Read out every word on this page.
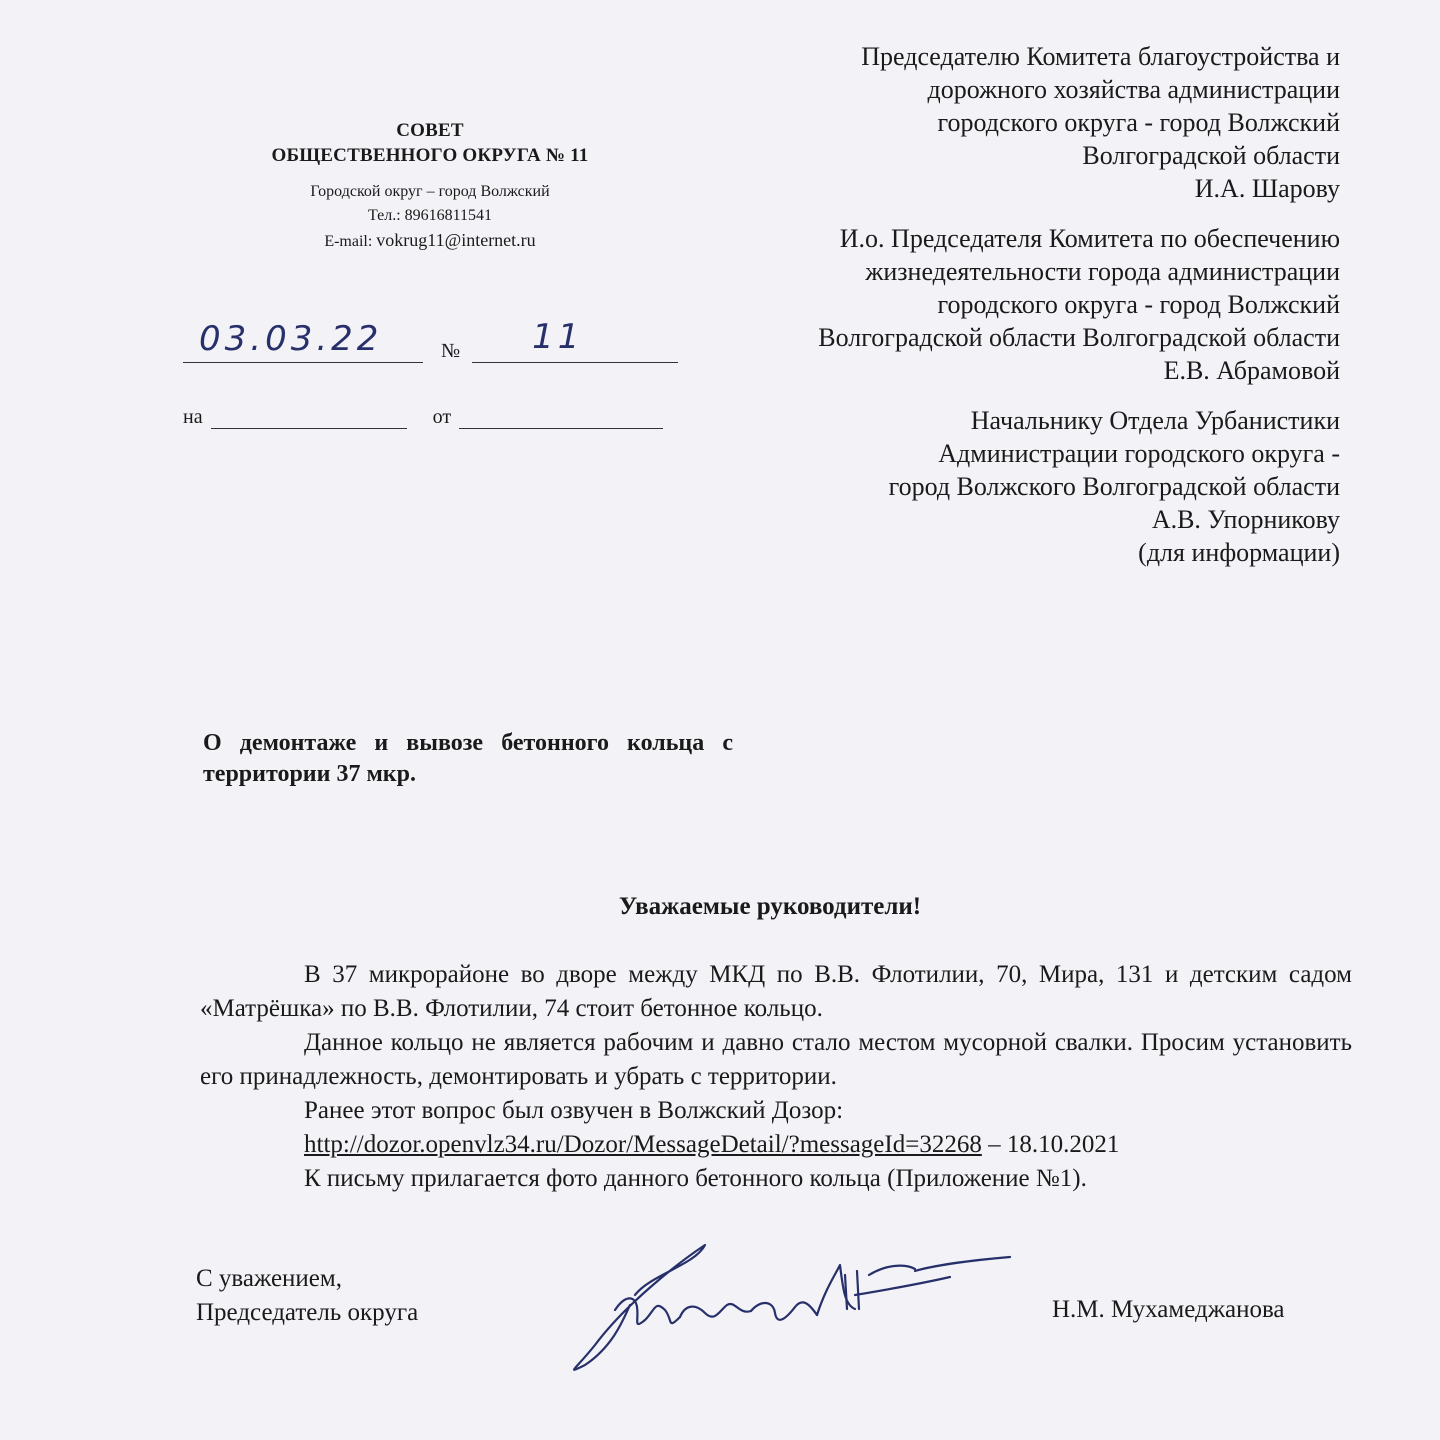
СОВЕТ
ОБЩЕСТВЕННОГО ОКРУГА № 11
Городской округ – город Волжский
Тел.: 89616811541
E-mail: vokrug11@internet.ru
03.03.22	№ 11
на	от
Председателю Комитета благоустройства и
дорожного хозяйства администрации
городского округа - город Волжский
Волгоградской области
И.А. Шарову
И.о. Председателя Комитета по обеспечению
жизнедеятельности города администрации
городского округа - город Волжский
Волгоградской области Волгоградской области
Е.В. Абрамовой
Начальнику Отдела Урбанистики
Администрации городского округа -
город Волжского Волгоградской области
А.В. Упорникову
(для информации)
О демонтаже и вывозе бетонного кольца с территории 37 мкр.
Уважаемые руководители!

В 37 микрорайоне во дворе между МКД по В.В. Флотилии, 70, Мира, 131 и детским садом «Матрёшка» по В.В. Флотилии, 74 стоит бетонное кольцо.

Данное кольцо не является рабочим и давно стало местом мусорной свалки. Просим установить его принадлежность, демонтировать и убрать с территории.

Ранее этот вопрос был озвучен в Волжский Дозор:

http://dozor.openvlz34.ru/Dozor/MessageDetail/?messageId=32268 – 18.10.2021

К письму прилагается фото данного бетонного кольца (Приложение №1).

С уважением,
Председатель округа	Н.М. Мухамеджанова
